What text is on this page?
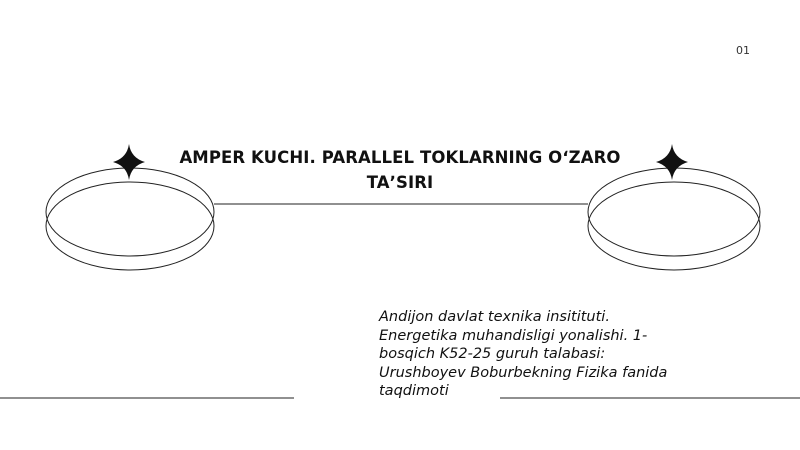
01
AMPER KUCHI. PARALLEL TOKLARNING OʻZARO TAʼSIRI
Andijon davlat texnika insitituti. Energetika muhandisligi yonalishi. 1-bosqich K52-25 guruh talabasi: Urushboyev Boburbekning Fizika fanida taqdimoti
